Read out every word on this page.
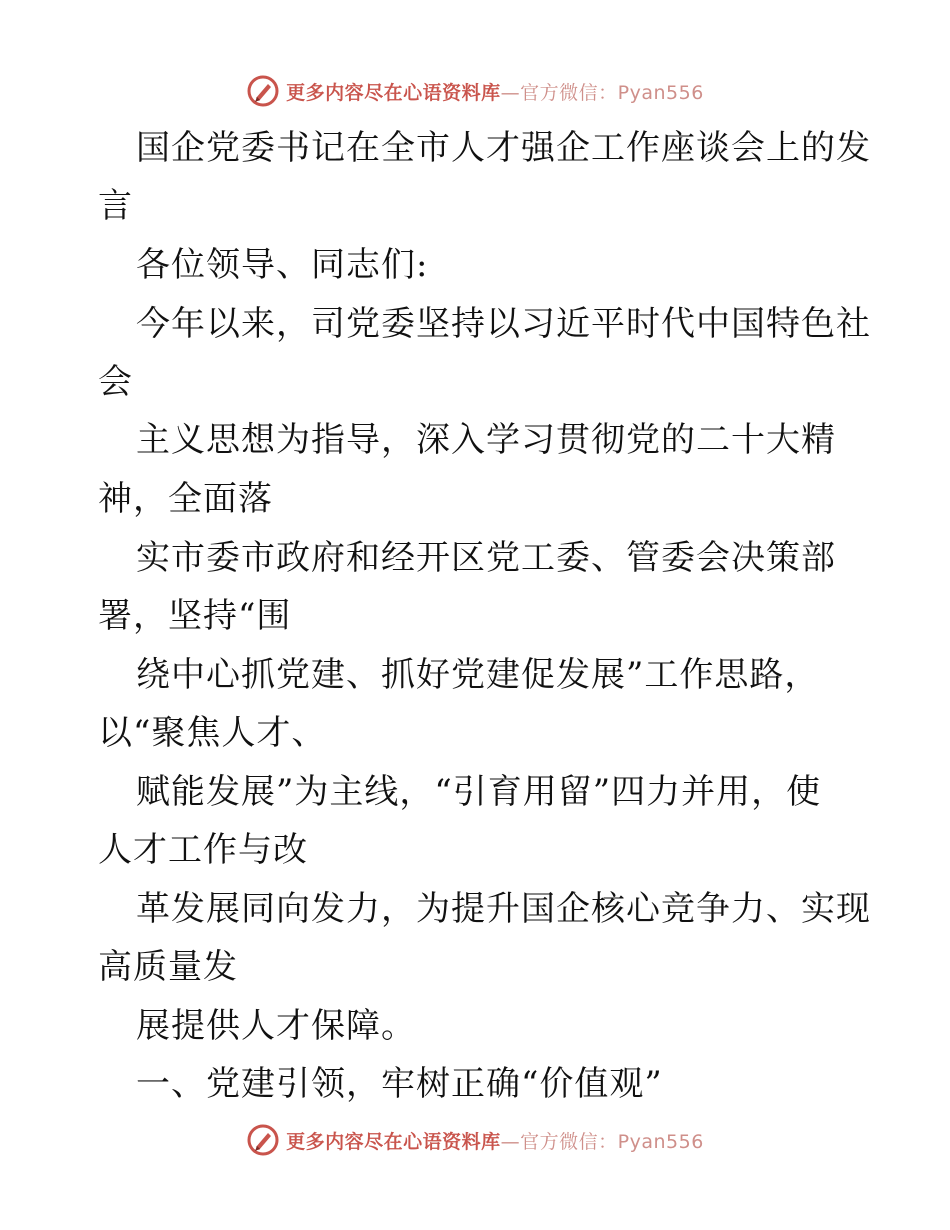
更多内容尽在心语资料库—官方微信：Pyan556
国企党委书记在全市人才强企工作座谈会上的发
言
各位领导、同志们:
今年以来，司党委坚持以习近平时代中国特色社
会
主义思想为指导，深入学习贯彻党的二十大精
神，全面落
实市委市政府和经开区党工委、管委会决策部
署，坚持“围
绕中心抓党建、抓好党建促发展”工作思路，
以“聚焦人才、
赋能发展”为主线，“引育用留”四力并用，使
人才工作与改
革发展同向发力，为提升国企核心竞争力、实现
高质量发
展提供人才保障。
一、党建引领，牢树正确“价值观”
更多内容尽在心语资料库—官方微信：Pyan556
